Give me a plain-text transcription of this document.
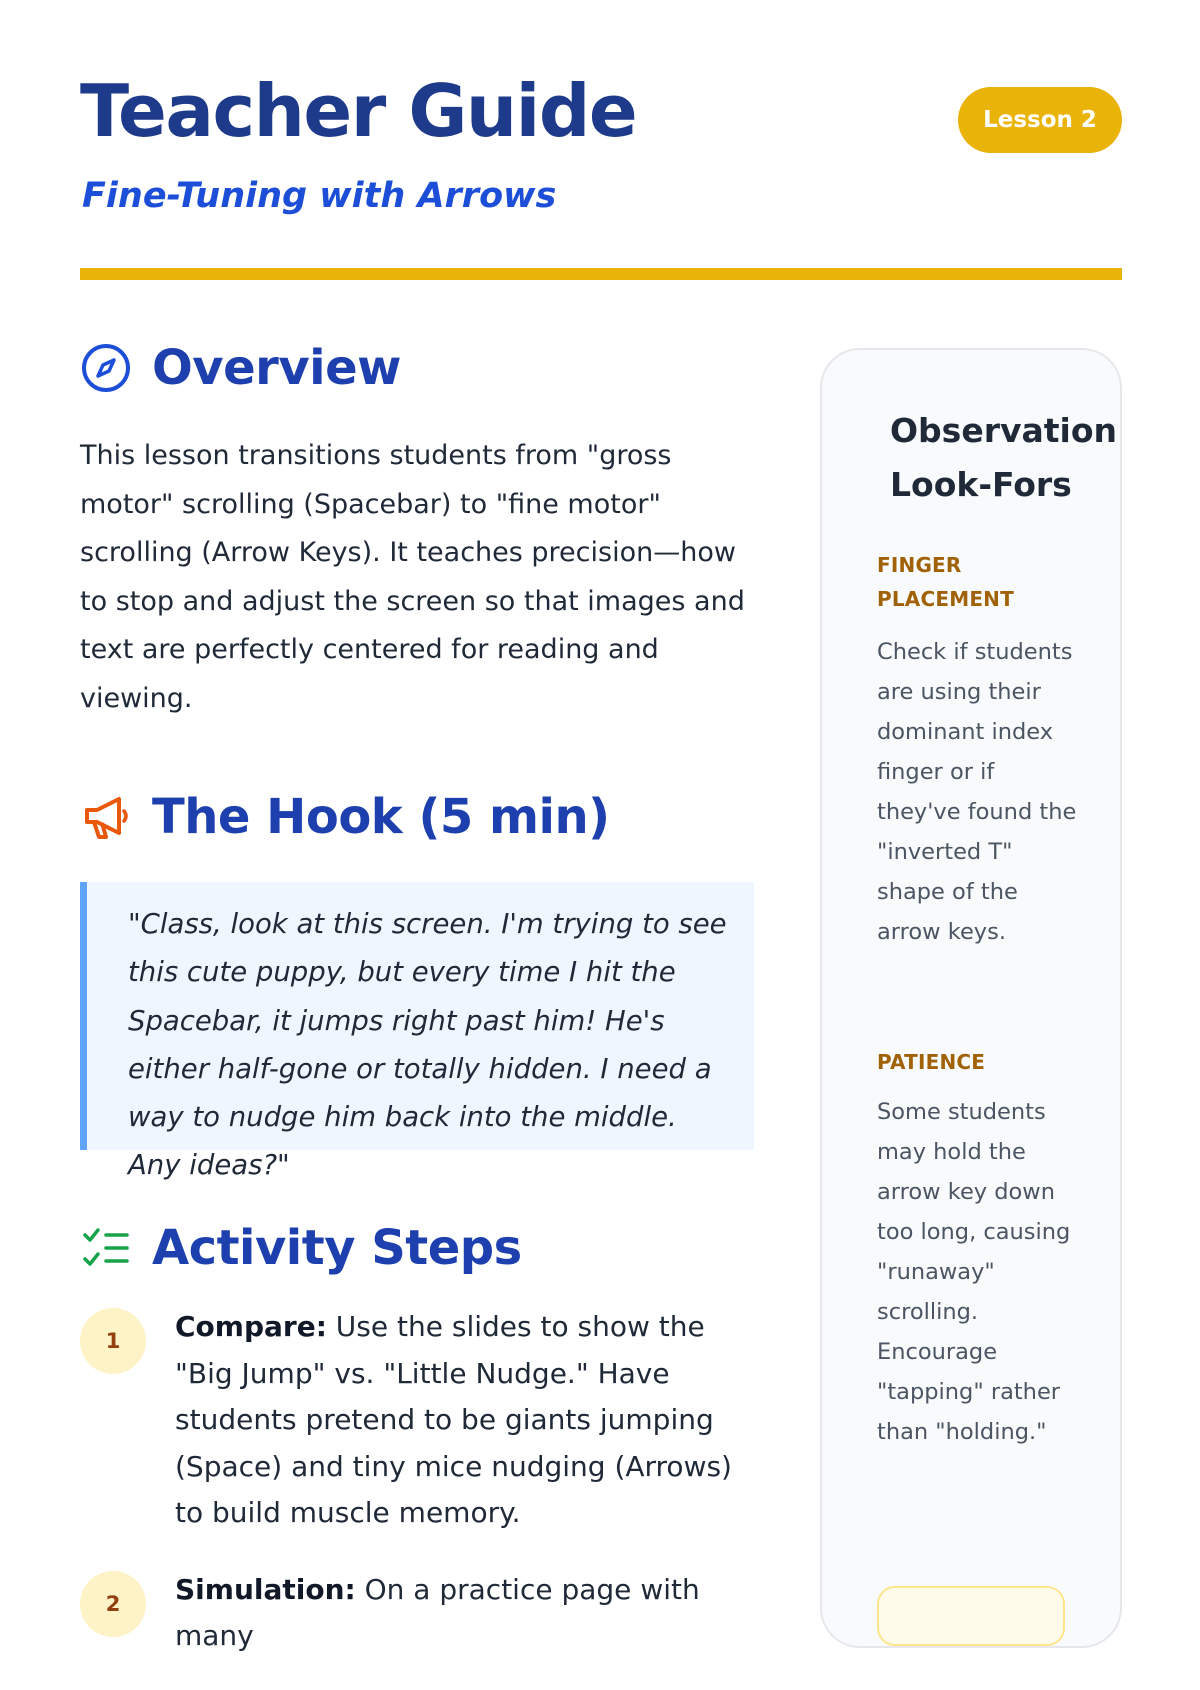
Teacher Guide
Fine-Tuning with Arrows
Lesson 2
Overview

This lesson transitions students from "gross motor" scrolling (Spacebar) to "fine motor" scrolling (Arrow Keys). It teaches precision—how to stop and adjust the screen so that images and text are perfectly centered for reading and viewing.

The Hook (5 min)

"Class, look at this screen. I'm trying to see this cute puppy, but every time I hit the Spacebar, it jumps right past him! He's either half-gone or totally hidden. I need a way to nudge him back into the middle. Any ideas?"

Activity Steps
1	Compare: Use the slides to show the "Big Jump" vs. "Little Nudge." Have students pretend to be giants jumping (Space) and tiny mice nudging (Arrows) to build muscle memory.

2	Simulation: On a practice page with many

Observation Look-Fors
FINGER PLACEMENT

Check if students are using their dominant index finger or if they've found the "inverted T" shape of the arrow keys.

PATIENCE

Some students may hold the arrow key down too long, causing "runaway" scrolling. Encourage "tapping" rather than "holding."
